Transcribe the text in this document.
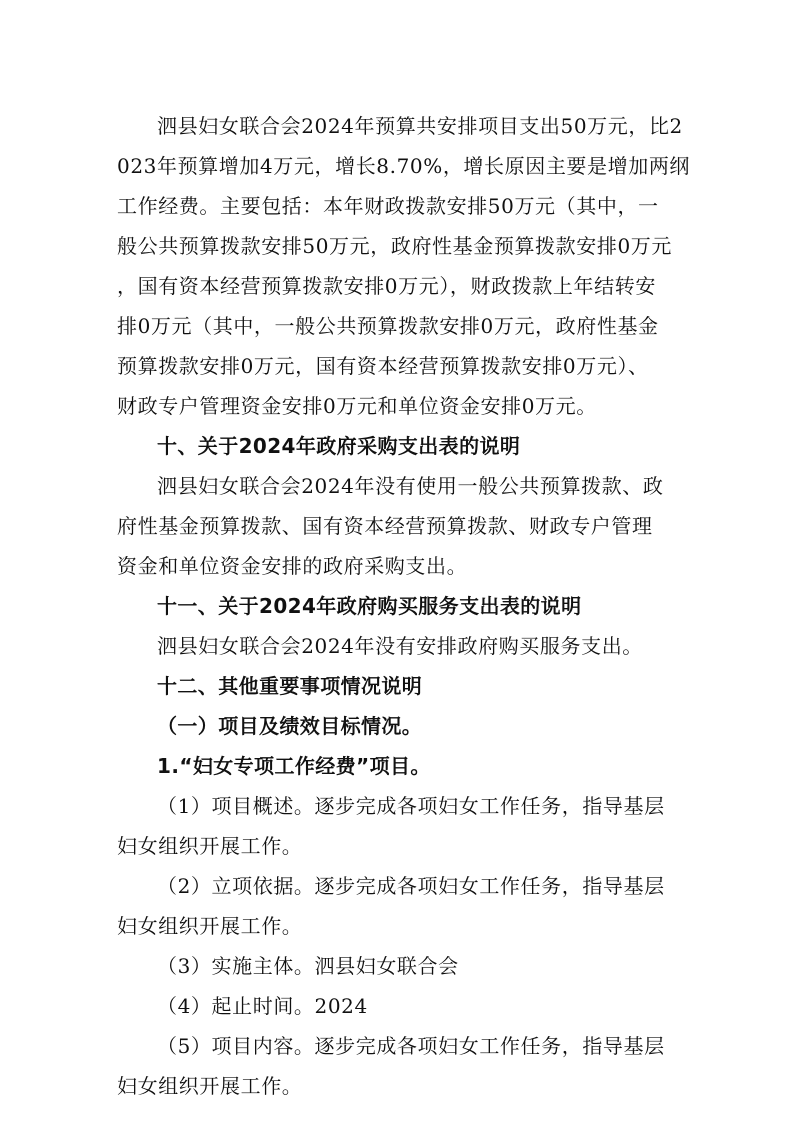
泗县妇女联合会2024年预算共安排项目支出50万元，比2
023年预算增加4万元，增长8.70%，增长原因主要是增加两纲
工作经费。主要包括：本年财政拨款安排50万元（其中，一
般公共预算拨款安排50万元，政府性基金预算拨款安排0万元
，国有资本经营预算拨款安排0万元），财政拨款上年结转安
排0万元（其中，一般公共预算拨款安排0万元，政府性基金
预算拨款安排0万元，国有资本经营预算拨款安排0万元）、
财政专户管理资金安排0万元和单位资金安排0万元。
十、关于2024年政府采购支出表的说明
泗县妇女联合会2024年没有使用一般公共预算拨款、政
府性基金预算拨款、国有资本经营预算拨款、财政专户管理
资金和单位资金安排的政府采购支出。
十一、关于2024年政府购买服务支出表的说明
泗县妇女联合会2024年没有安排政府购买服务支出。
十二、其他重要事项情况说明
（一）项目及绩效目标情况。
1.“妇女专项工作经费”项目。
（1）项目概述。逐步完成各项妇女工作任务，指导基层
妇女组织开展工作。
（2）立项依据。逐步完成各项妇女工作任务，指导基层
妇女组织开展工作。
（3）实施主体。泗县妇女联合会
（4）起止时间。2024
（5）项目内容。逐步完成各项妇女工作任务，指导基层
妇女组织开展工作。
